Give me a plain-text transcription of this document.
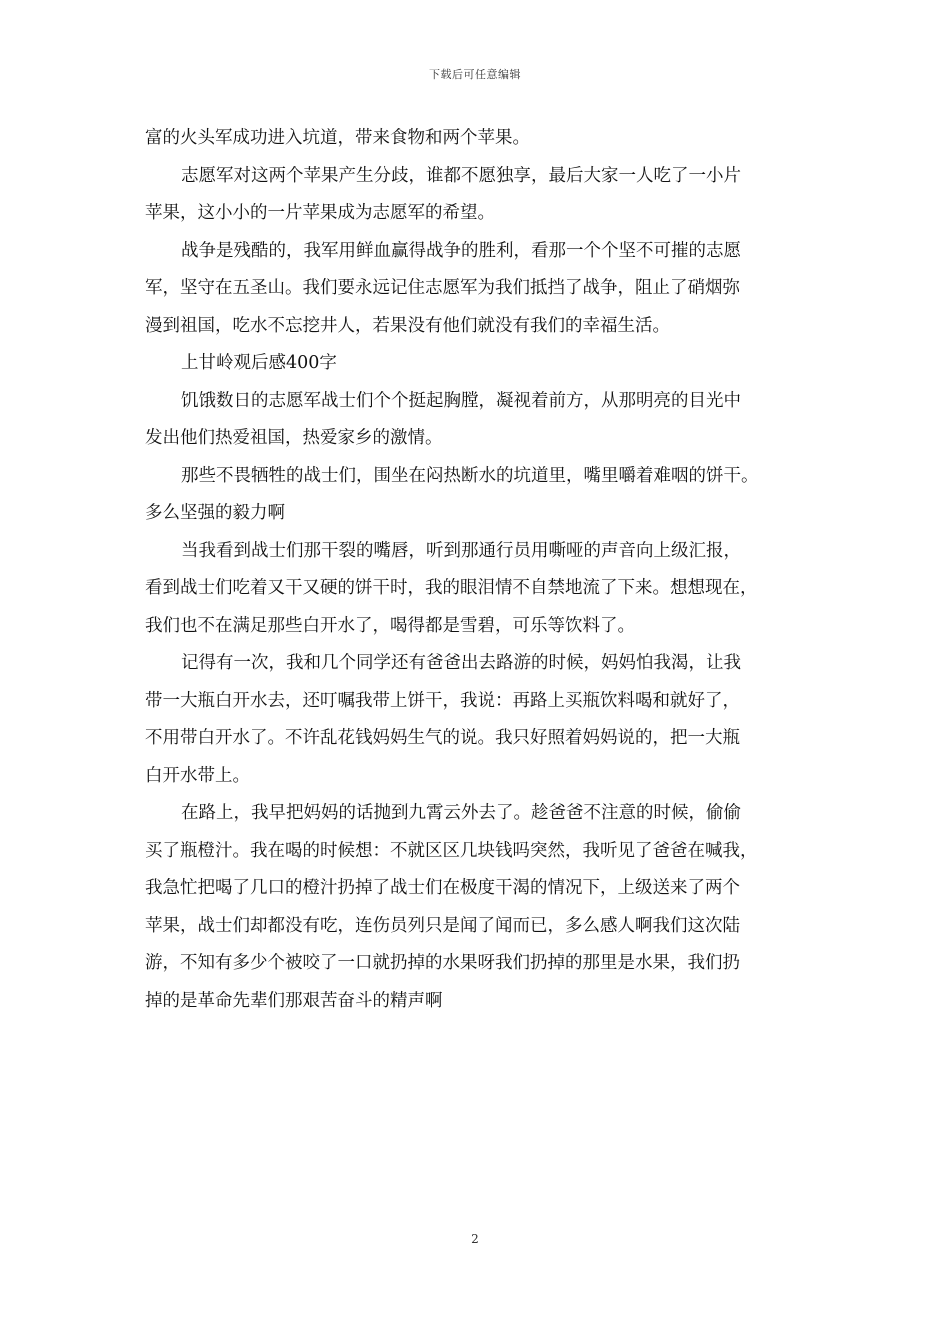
下载后可任意编辑
富的火头军成功进入坑道，带来食物和两个苹果。
志愿军对这两个苹果产生分歧，谁都不愿独享，最后大家一人吃了一小片
苹果，这小小的一片苹果成为志愿军的希望。
战争是残酷的，我军用鲜血赢得战争的胜利，看那一个个坚不可摧的志愿
军，坚守在五圣山。我们要永远记住志愿军为我们抵挡了战争，阻止了硝烟弥
漫到祖国，吃水不忘挖井人，若果没有他们就没有我们的幸福生活。
上甘岭观后感400字
饥饿数日的志愿军战士们个个挺起胸膛，凝视着前方，从那明亮的目光中
发出他们热爱祖国，热爱家乡的激情。
那些不畏牺牲的战士们，围坐在闷热断水的坑道里，嘴里嚼着难咽的饼干。
多么坚强的毅力啊
当我看到战士们那干裂的嘴唇，听到那通行员用嘶哑的声音向上级汇报，
看到战士们吃着又干又硬的饼干时，我的眼泪情不自禁地流了下来。想想现在，
我们也不在满足那些白开水了，喝得都是雪碧，可乐等饮料了。
记得有一次，我和几个同学还有爸爸出去路游的时候，妈妈怕我渴，让我
带一大瓶白开水去，还叮嘱我带上饼干，我说：再路上买瓶饮料喝和就好了，
不用带白开水了。不许乱花钱妈妈生气的说。我只好照着妈妈说的，把一大瓶
白开水带上。
在路上，我早把妈妈的话抛到九霄云外去了。趁爸爸不注意的时候，偷偷
买了瓶橙汁。我在喝的时候想：不就区区几块钱吗突然，我听见了爸爸在喊我，
我急忙把喝了几口的橙汁扔掉了战士们在极度干渴的情况下，上级送来了两个
苹果，战士们却都没有吃，连伤员列只是闻了闻而已，多么感人啊我们这次陆
游，不知有多少个被咬了一口就扔掉的水果呀我们扔掉的那里是水果，我们扔
掉的是革命先辈们那艰苦奋斗的精声啊
2
